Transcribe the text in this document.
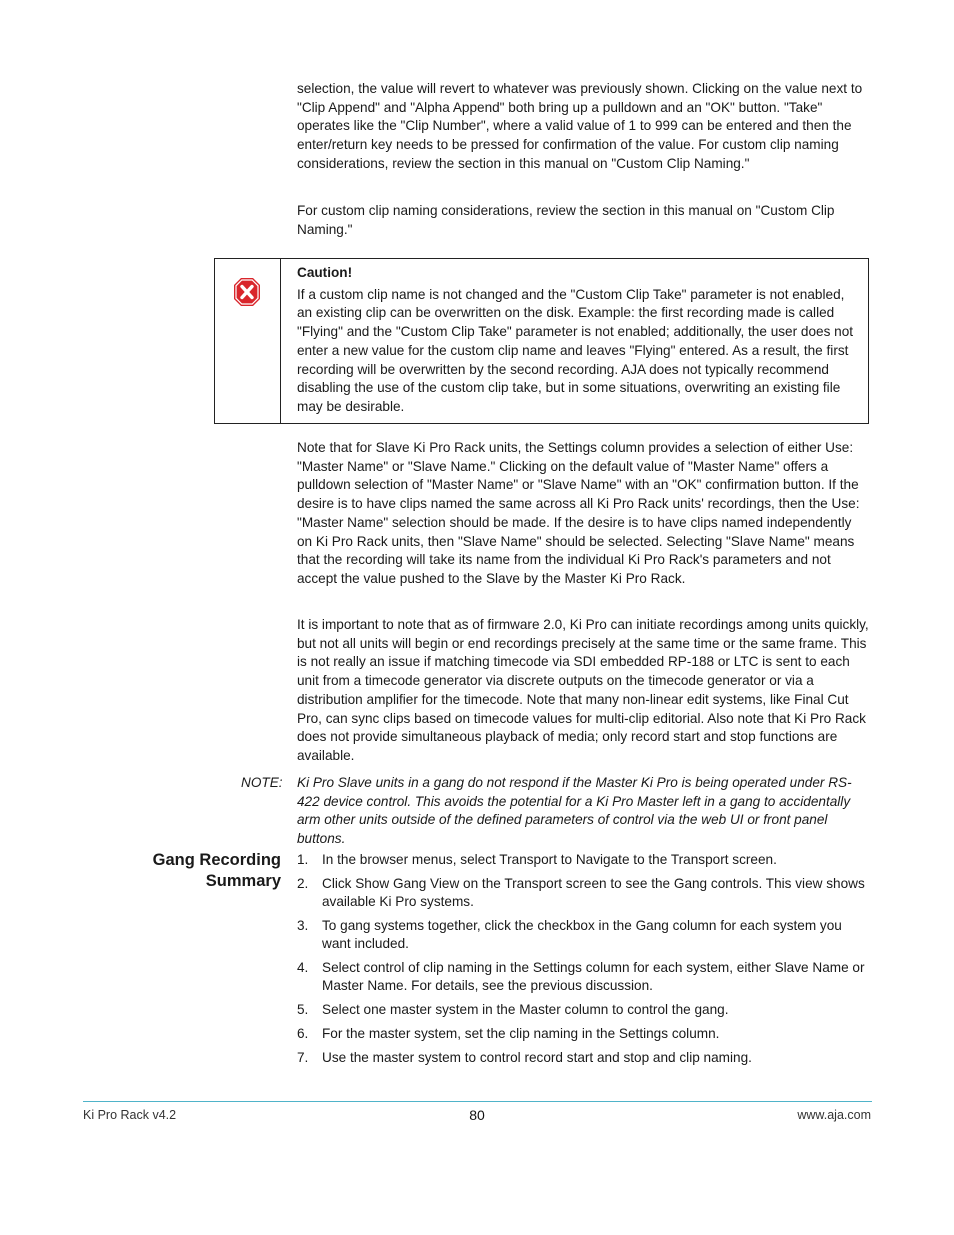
selection, the value will revert to whatever was previously shown. Clicking on the value next to "Clip Append" and "Alpha Append" both bring up a pulldown and an "OK" button. "Take" operates like the "Clip Number", where a valid value of 1 to 999 can be entered and then the enter/return key needs to be pressed for confirmation of the value. For custom clip naming considerations, review the section in this manual on "Custom Clip Naming."

For custom clip naming considerations, review the section in this manual on "Custom Clip Naming."

Caution!

If a custom clip name is not changed and the "Custom Clip Take" parameter is not enabled, an existing clip can be overwritten on the disk. Example: the first recording made is called "Flying" and the "Custom Clip Take" parameter is not enabled; additionally, the user does not enter a new value for the custom clip name and leaves "Flying" entered. As a result, the first recording will be overwritten by the second recording. AJA does not typically recommend disabling the use of the custom clip take, but in some situations, overwriting an existing file may be desirable.

Note that for Slave Ki Pro Rack units, the Settings column provides a selection of either Use: "Master Name" or "Slave Name." Clicking on the default value of "Master Name" offers a pulldown selection of "Master Name" or "Slave Name" with an "OK" confirmation button. If the desire is to have clips named the same across all Ki Pro Rack units' recordings, then the Use: "Master Name" selection should be made. If the desire is to have clips named independently on Ki Pro Rack units, then "Slave Name" should be selected. Selecting "Slave Name" means that the recording will take its name from the individual Ki Pro Rack's parameters and not accept the value pushed to the Slave by the Master Ki Pro Rack.

It is important to note that as of firmware 2.0, Ki Pro can initiate recordings among units quickly, but not all units will begin or end recordings precisely at the same time or the same frame. This is not really an issue if matching timecode via SDI embedded RP-188 or LTC is sent to each unit from a timecode generator via discrete outputs on the timecode generator or via a distribution amplifier for the timecode. Note that many non-linear edit systems, like Final Cut Pro, can sync clips based on timecode values for multi-clip editorial. Also note that Ki Pro Rack does not provide simultaneous playback of media; only record start and stop functions are available.

NOTE: Ki Pro Slave units in a gang do not respond if the Master Ki Pro is being operated under RS-422 device control. This avoids the potential for a Ki Pro Master left in a gang to accidentally arm other units outside of the defined parameters of control via the web UI or front panel buttons.

Gang Recording
Summary
1. In the browser menus, select Transport to Navigate to the Transport screen.
2. Click Show Gang View on the Transport screen to see the Gang controls. This view shows available Ki Pro systems.
3. To gang systems together, click the checkbox in the Gang column for each system you want included.
4. Select control of clip naming in the Settings column for each system, either Slave Name or Master Name. For details, see the previous discussion.
5. Select one master system in the Master column to control the gang.
6. For the master system, set the clip naming in the Settings column.
7. Use the master system to control record start and stop and clip naming.
Ki Pro Rack v4.2	80	www.aja.com
